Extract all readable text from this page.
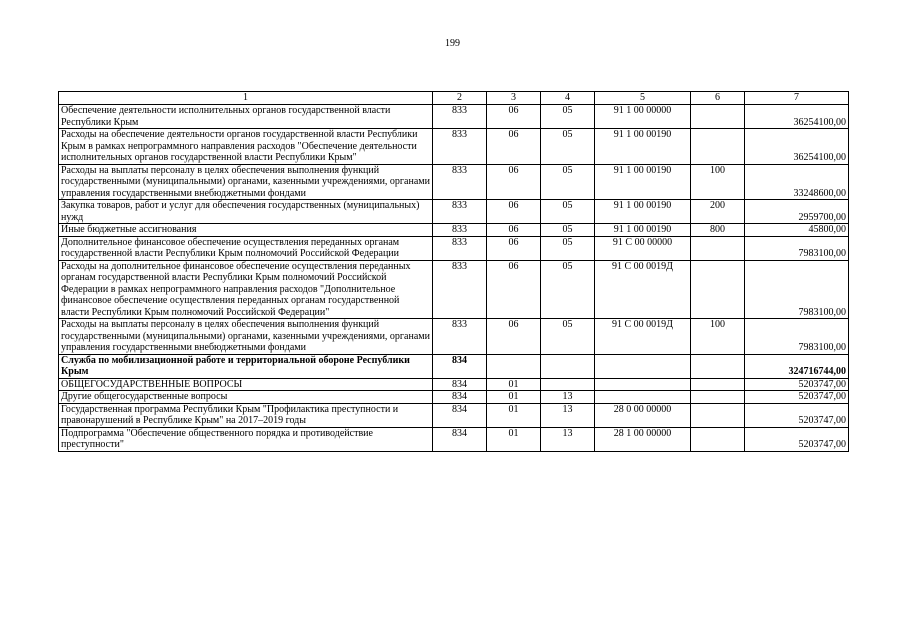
199
1	2	3	4	5	6	7
Обеспечение деятельности исполнительных органов государственной власти Республики Крым	833	06	05	91 1 00 00000		36254100,00
Расходы на обеспечение деятельности органов государственной власти Республики Крым в рамках непрограммного направления расходов "Обеспечение деятельности исполнительных органов государственной власти Республики Крым"	833	06	05	91 1 00 00190		36254100,00
Расходы на выплаты персоналу в целях обеспечения выполнения функций государственными (муниципальными) органами, казенными учреждениями, органами управления государственными внебюджетными фондами	833	06	05	91 1 00 00190	100	33248600,00
Закупка товаров, работ и услуг для обеспечения государственных (муниципальных) нужд	833	06	05	91 1 00 00190	200	2959700,00
Иные бюджетные ассигнования	833	06	05	91 1 00 00190	800	45800,00
Дополнительное финансовое обеспечение осуществления переданных органам государственной власти Республики Крым полномочий Российской Федерации	833	06	05	91 С 00 00000		7983100,00
Расходы на дополнительное финансовое обеспечение осуществления переданных органам государственной власти Республики Крым полномочий Российской Федерации в рамках непрограммного направления расходов "Дополнительное финансовое обеспечение осуществления переданных органам государственной власти Республики Крым полномочий Российской Федерации"	833	06	05	91 С 00 0019Д		7983100,00
Расходы на выплаты персоналу в целях обеспечения выполнения функций государственными (муниципальными) органами, казенными учреждениями, органами управления государственными внебюджетными фондами	833	06	05	91 С 00 0019Д	100	7983100,00
Служба по мобилизационной работе и территориальной обороне Республики Крым	834					324716744,00
ОБЩЕГОСУДАРСТВЕННЫЕ ВОПРОСЫ	834	01				5203747,00
Другие общегосударственные вопросы	834	01	13			5203747,00
Государственная программа Республики Крым "Профилактика преступности и правонарушений в Республике Крым" на 2017–2019 годы	834	01	13	28 0 00 00000		5203747,00
Подпрограмма "Обеспечение общественного порядка и противодействие преступности"	834	01	13	28 1 00 00000		5203747,00
